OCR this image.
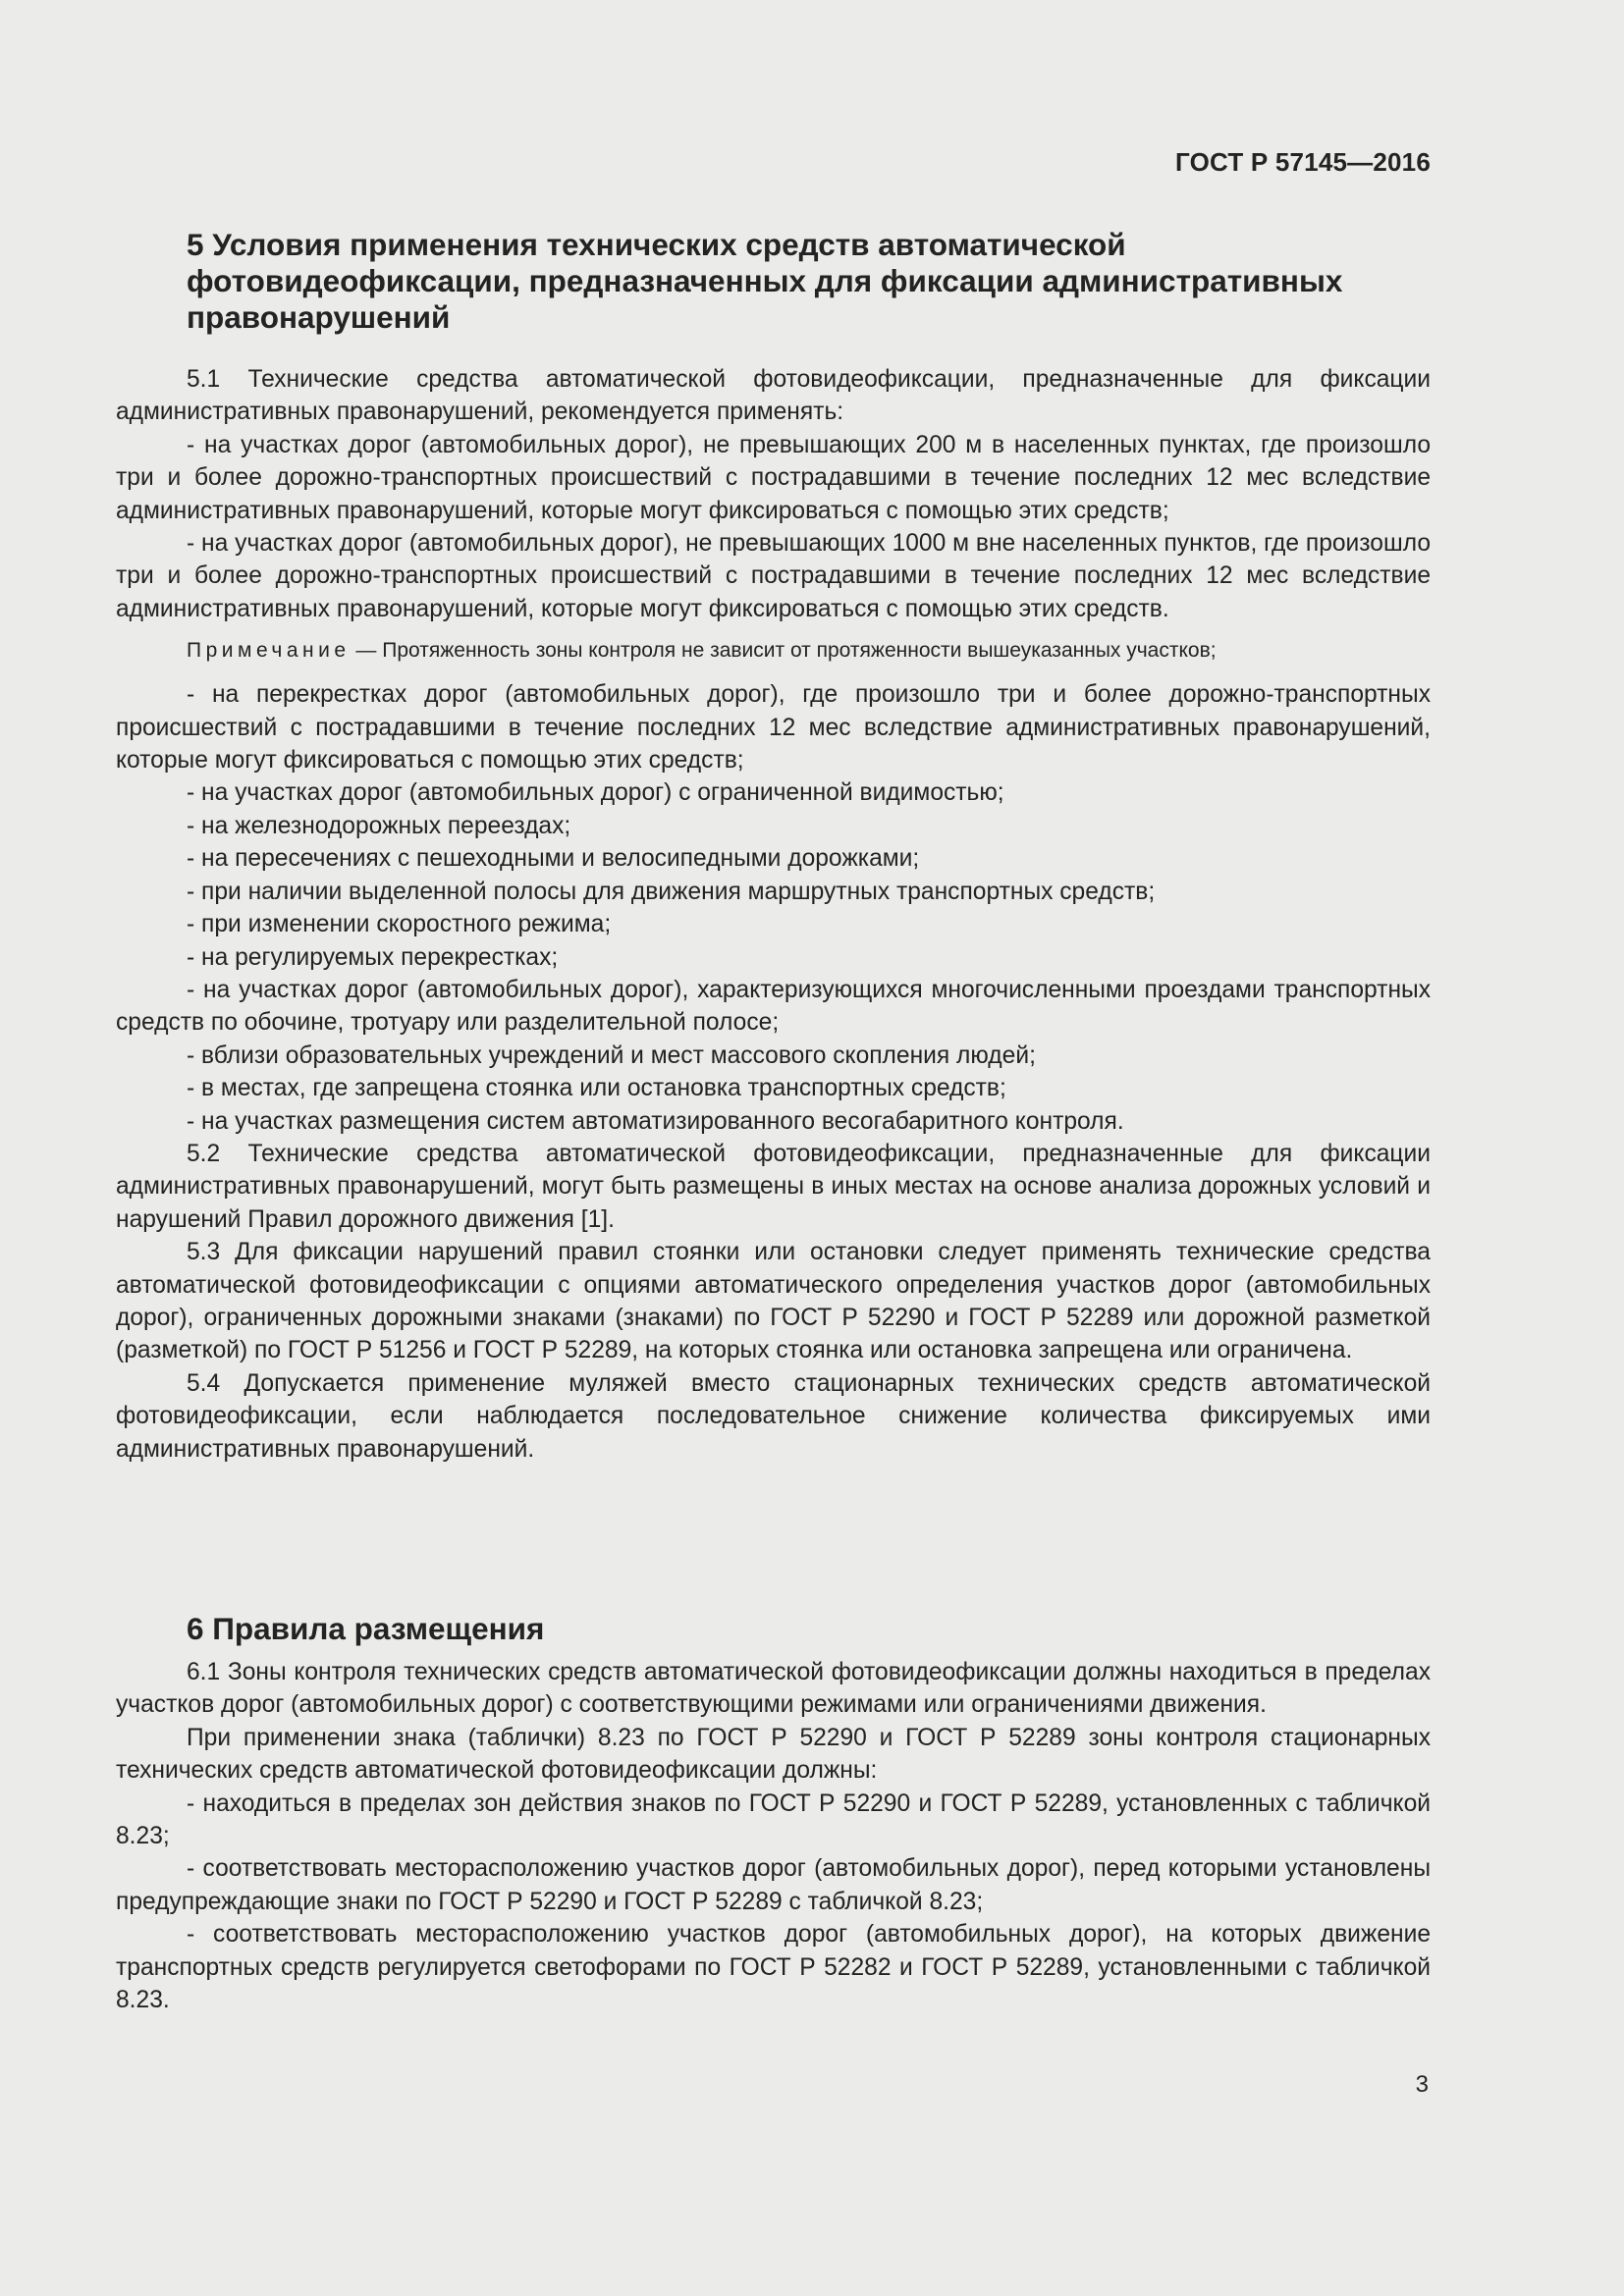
ГОСТ Р 57145—2016
5 Условия применения технических средств автоматической фотовидеофиксации, предназначенных для фиксации административных правонарушений

5.1 Технические средства автоматической фотовидеофиксации, предназначенные для фиксации административных правонарушений, рекомендуется применять:

- на участках дорог (автомобильных дорог), не превышающих 200 м в населенных пунктах, где произошло три и более дорожно-транспортных происшествий с пострадавшими в течение последних 12 мес вследствие административных правонарушений, которые могут фиксироваться с помощью этих средств;

- на участках дорог (автомобильных дорог), не превышающих 1000 м вне населенных пунктов, где произошло три и более дорожно-транспортных происшествий с пострадавшими в течение последних 12 мес вследствие административных правонарушений, которые могут фиксироваться с помощью этих средств.

Примечание — Протяженность зоны контроля не зависит от протяженности вышеуказанных участков;

- на перекрестках дорог (автомобильных дорог), где произошло три и более дорожно-транспортных происшествий с пострадавшими в течение последних 12 мес вследствие административных правонарушений, которые могут фиксироваться с помощью этих средств;

- на участках дорог (автомобильных дорог) с ограниченной видимостью;

- на железнодорожных переездах;

- на пересечениях с пешеходными и велосипедными дорожками;

- при наличии выделенной полосы для движения маршрутных транспортных средств;

- при изменении скоростного режима;

- на регулируемых перекрестках;

- на участках дорог (автомобильных дорог), характеризующихся многочисленными проездами транспортных средств по обочине, тротуару или разделительной полосе;

- вблизи образовательных учреждений и мест массового скопления людей;

- в местах, где запрещена стоянка или остановка транспортных средств;

- на участках размещения систем автоматизированного весогабаритного контроля.

5.2 Технические средства автоматической фотовидеофиксации, предназначенные для фиксации административных правонарушений, могут быть размещены в иных местах на основе анализа дорожных условий и нарушений Правил дорожного движения [1].

5.3 Для фиксации нарушений правил стоянки или остановки следует применять технические средства автоматической фотовидеофиксации с опциями автоматического определения участков дорог (автомобильных дорог), ограниченных дорожными знаками (знаками) по ГОСТ Р 52290 и ГОСТ Р 52289 или дорожной разметкой (разметкой) по ГОСТ Р 51256 и ГОСТ Р 52289, на которых стоянка или остановка запрещена или ограничена.

5.4 Допускается применение муляжей вместо стационарных технических средств автоматической фотовидеофиксации, если наблюдается последовательное снижение количества фиксируемых ими административных правонарушений.

6 Правила размещения

6.1 Зоны контроля технических средств автоматической фотовидеофиксации должны находиться в пределах участков дорог (автомобильных дорог) с соответствующими режимами или ограничениями движения.

При применении знака (таблички) 8.23 по ГОСТ Р 52290 и ГОСТ Р 52289 зоны контроля стационарных технических средств автоматической фотовидеофиксации должны:

- находиться в пределах зон действия знаков по ГОСТ Р 52290 и ГОСТ Р 52289, установленных с табличкой 8.23;

- соответствовать месторасположению участков дорог (автомобильных дорог), перед которыми установлены предупреждающие знаки по ГОСТ Р 52290 и ГОСТ Р 52289 с табличкой 8.23;

- соответствовать месторасположению участков дорог (автомобильных дорог), на которых движение транспортных средств регулируется светофорами по ГОСТ Р 52282 и ГОСТ Р 52289, установленными с табличкой 8.23.

3
